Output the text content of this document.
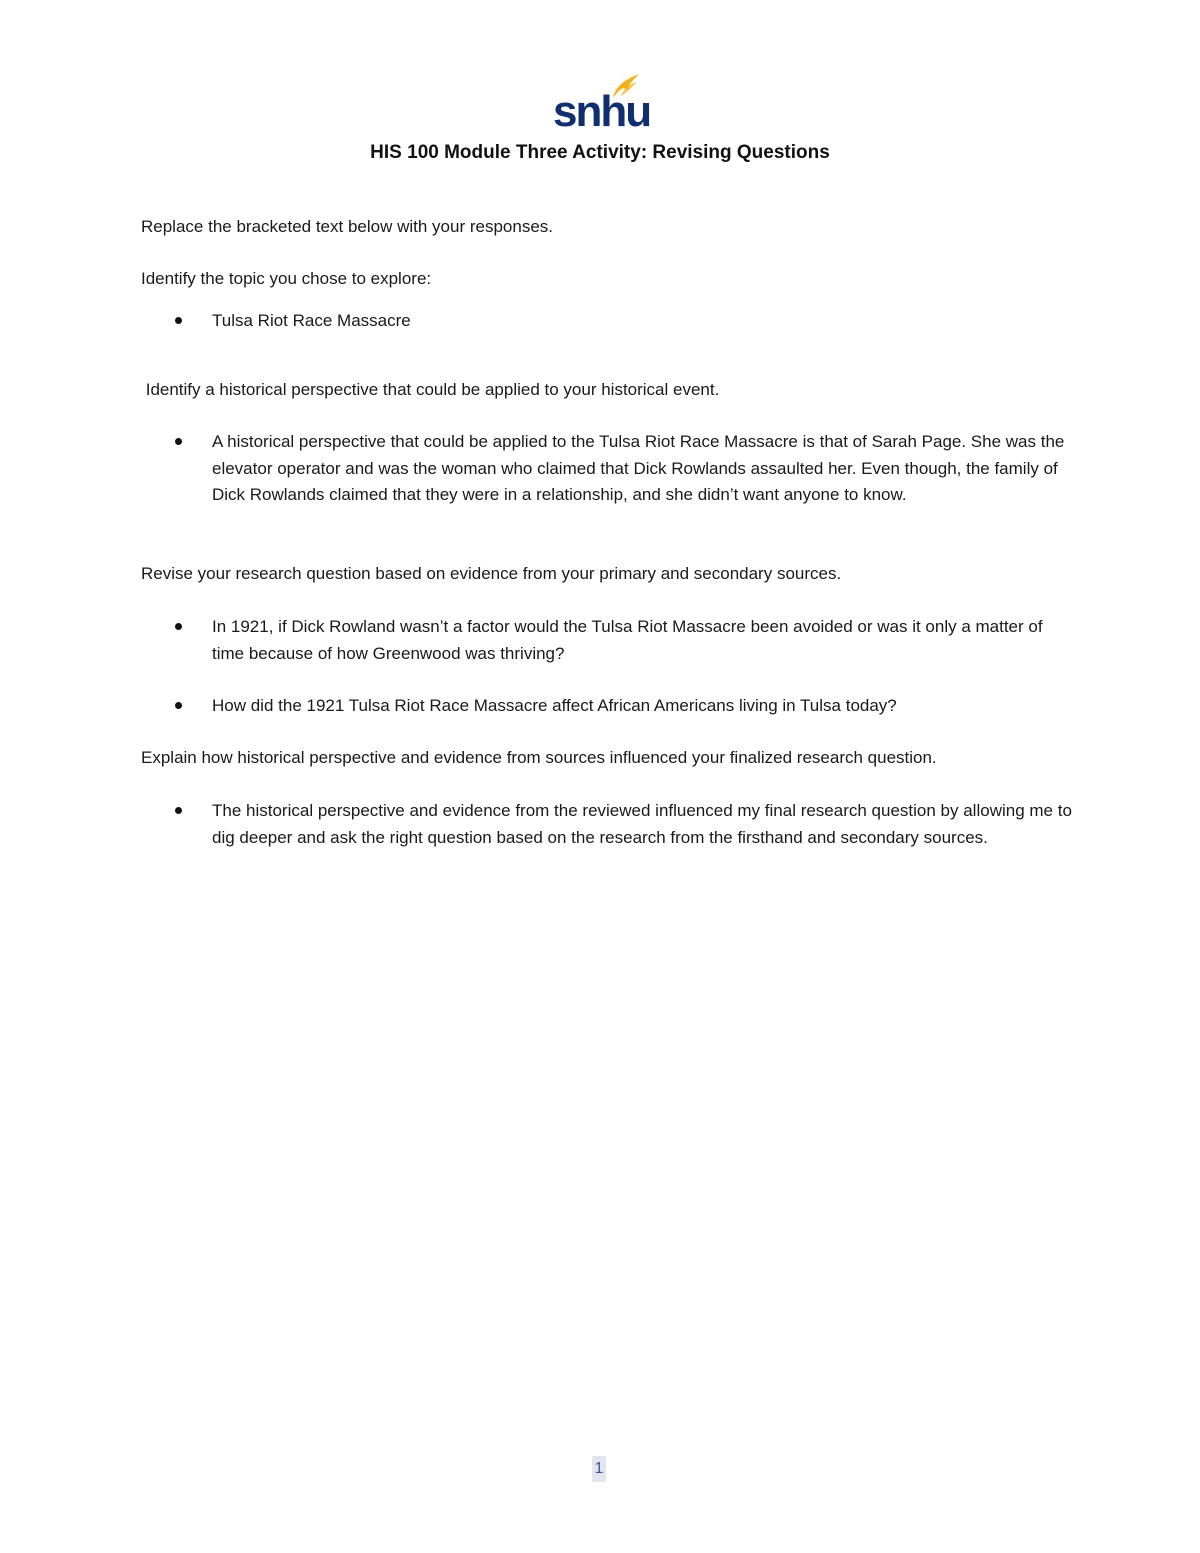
snhu
HIS 100 Module Three Activity: Revising Questions

Replace the bracketed text below with your responses.

Identify the topic you chose to explore:

Tulsa Riot Race Massacre

Identify a historical perspective that could be applied to your historical event.

A historical perspective that could be applied to the Tulsa Riot Race Massacre is that of Sarah Page. She was the elevator operator and was the woman who claimed that Dick Rowlands assaulted her. Even though, the family of Dick Rowlands claimed that they were in a relationship, and she didn’t want anyone to know.

Revise your research question based on evidence from your primary and secondary sources.

In 1921, if Dick Rowland wasn’t a factor would the Tulsa Riot Massacre been avoided or was it only a matter of time because of how Greenwood was thriving?

How did the 1921 Tulsa Riot Race Massacre affect African Americans living in Tulsa today?

Explain how historical perspective and evidence from sources influenced your finalized research question.

The historical perspective and evidence from the reviewed influenced my final research question by allowing me to dig deeper and ask the right question based on the research from the firsthand and secondary sources.

1
